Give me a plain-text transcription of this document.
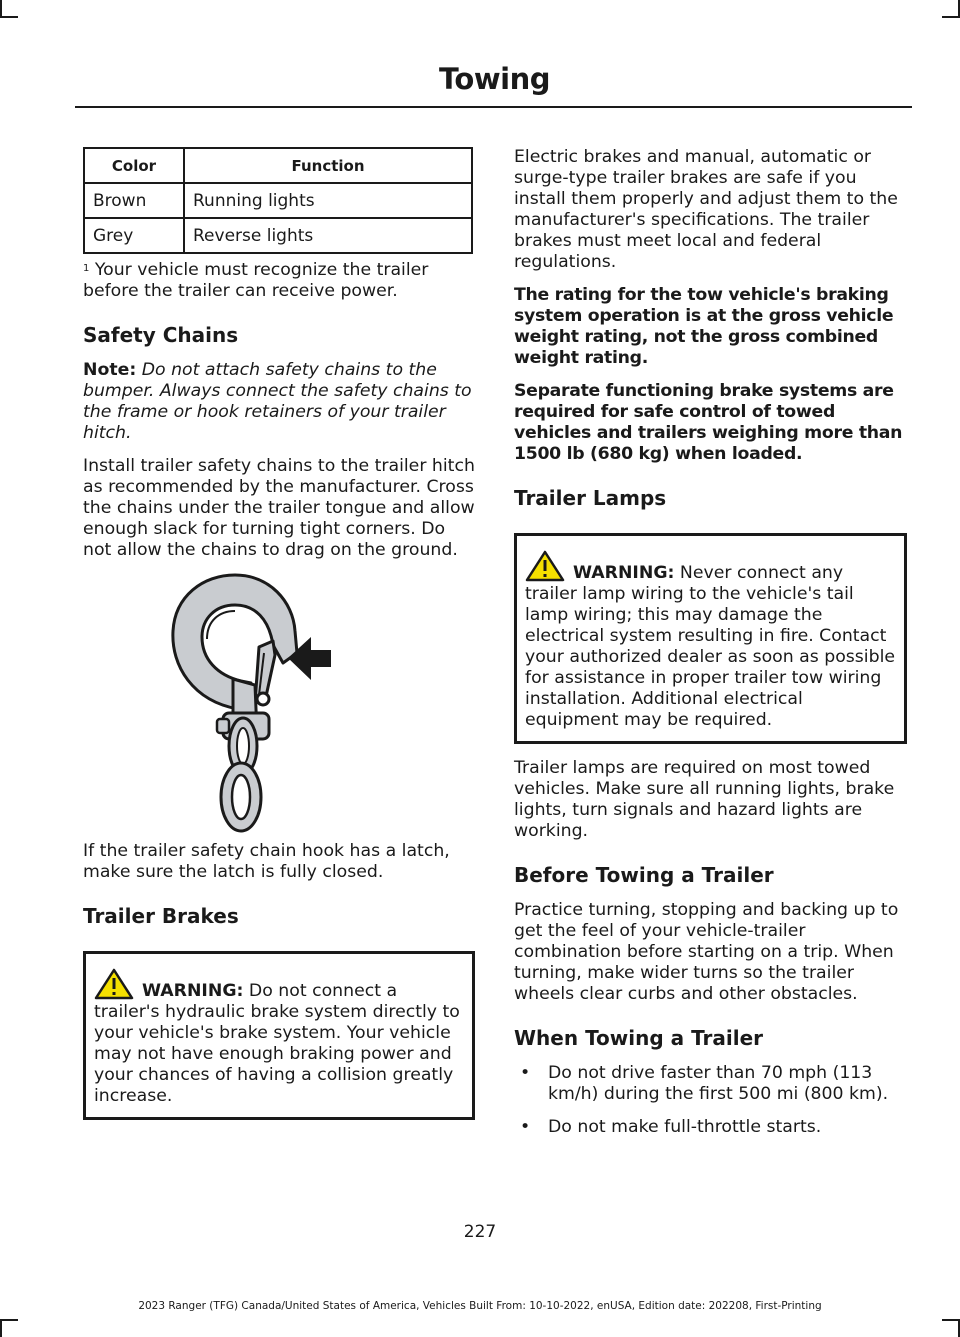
Towing
Color	Function
Brown	Running lights
Grey	Reverse lights

$^1$ Your vehicle must recognize the trailer before the trailer can receive power.

Safety Chains

Note: Do not attach safety chains to the bumper. Always connect the safety chains to the frame or hook retainers of your trailer hitch.

Install trailer safety chains to the trailer hitch as recommended by the manufacturer. Cross the chains under the trailer tongue and allow enough slack for turning tight corners. Do not allow the chains to drag on the ground.

If the trailer safety chain hook has a latch, make sure the latch is fully closed.

Trailer Brakes

WARNING: Do not connect a trailer's hydraulic brake system directly to your vehicle's brake system. Your vehicle may not have enough braking power and your chances of having a collision greatly increase.

Electric brakes and manual, automatic or surge-type trailer brakes are safe if you install them properly and adjust them to the manufacturer's specifications. The trailer brakes must meet local and federal regulations.

The rating for the tow vehicle's braking system operation is at the gross vehicle weight rating, not the gross combined weight rating.

Separate functioning brake systems are required for safe control of towed vehicles and trailers weighing more than 1500 lb (680 kg) when loaded.

Trailer Lamps

WARNING: Never connect any trailer lamp wiring to the vehicle's tail lamp wiring; this may damage the electrical system resulting in fire. Contact your authorized dealer as soon as possible for assistance in proper trailer tow wiring installation. Additional electrical equipment may be required.

Trailer lamps are required on most towed vehicles. Make sure all running lights, brake lights, turn signals and hazard lights are working.

Before Towing a Trailer

Practice turning, stopping and backing up to get the feel of your vehicle-trailer combination before starting on a trip. When turning, make wider turns so the trailer wheels clear curbs and other obstacles.

When Towing a Trailer
• Do not drive faster than 70 mph (113 km/h) during the first 500 mi (800 km).
• Do not make full-throttle starts.
227
2023 Ranger (TFG) Canada/United States of America, Vehicles Built From: 10-10-2022, enUSA, Edition date: 202208, First-Printing
